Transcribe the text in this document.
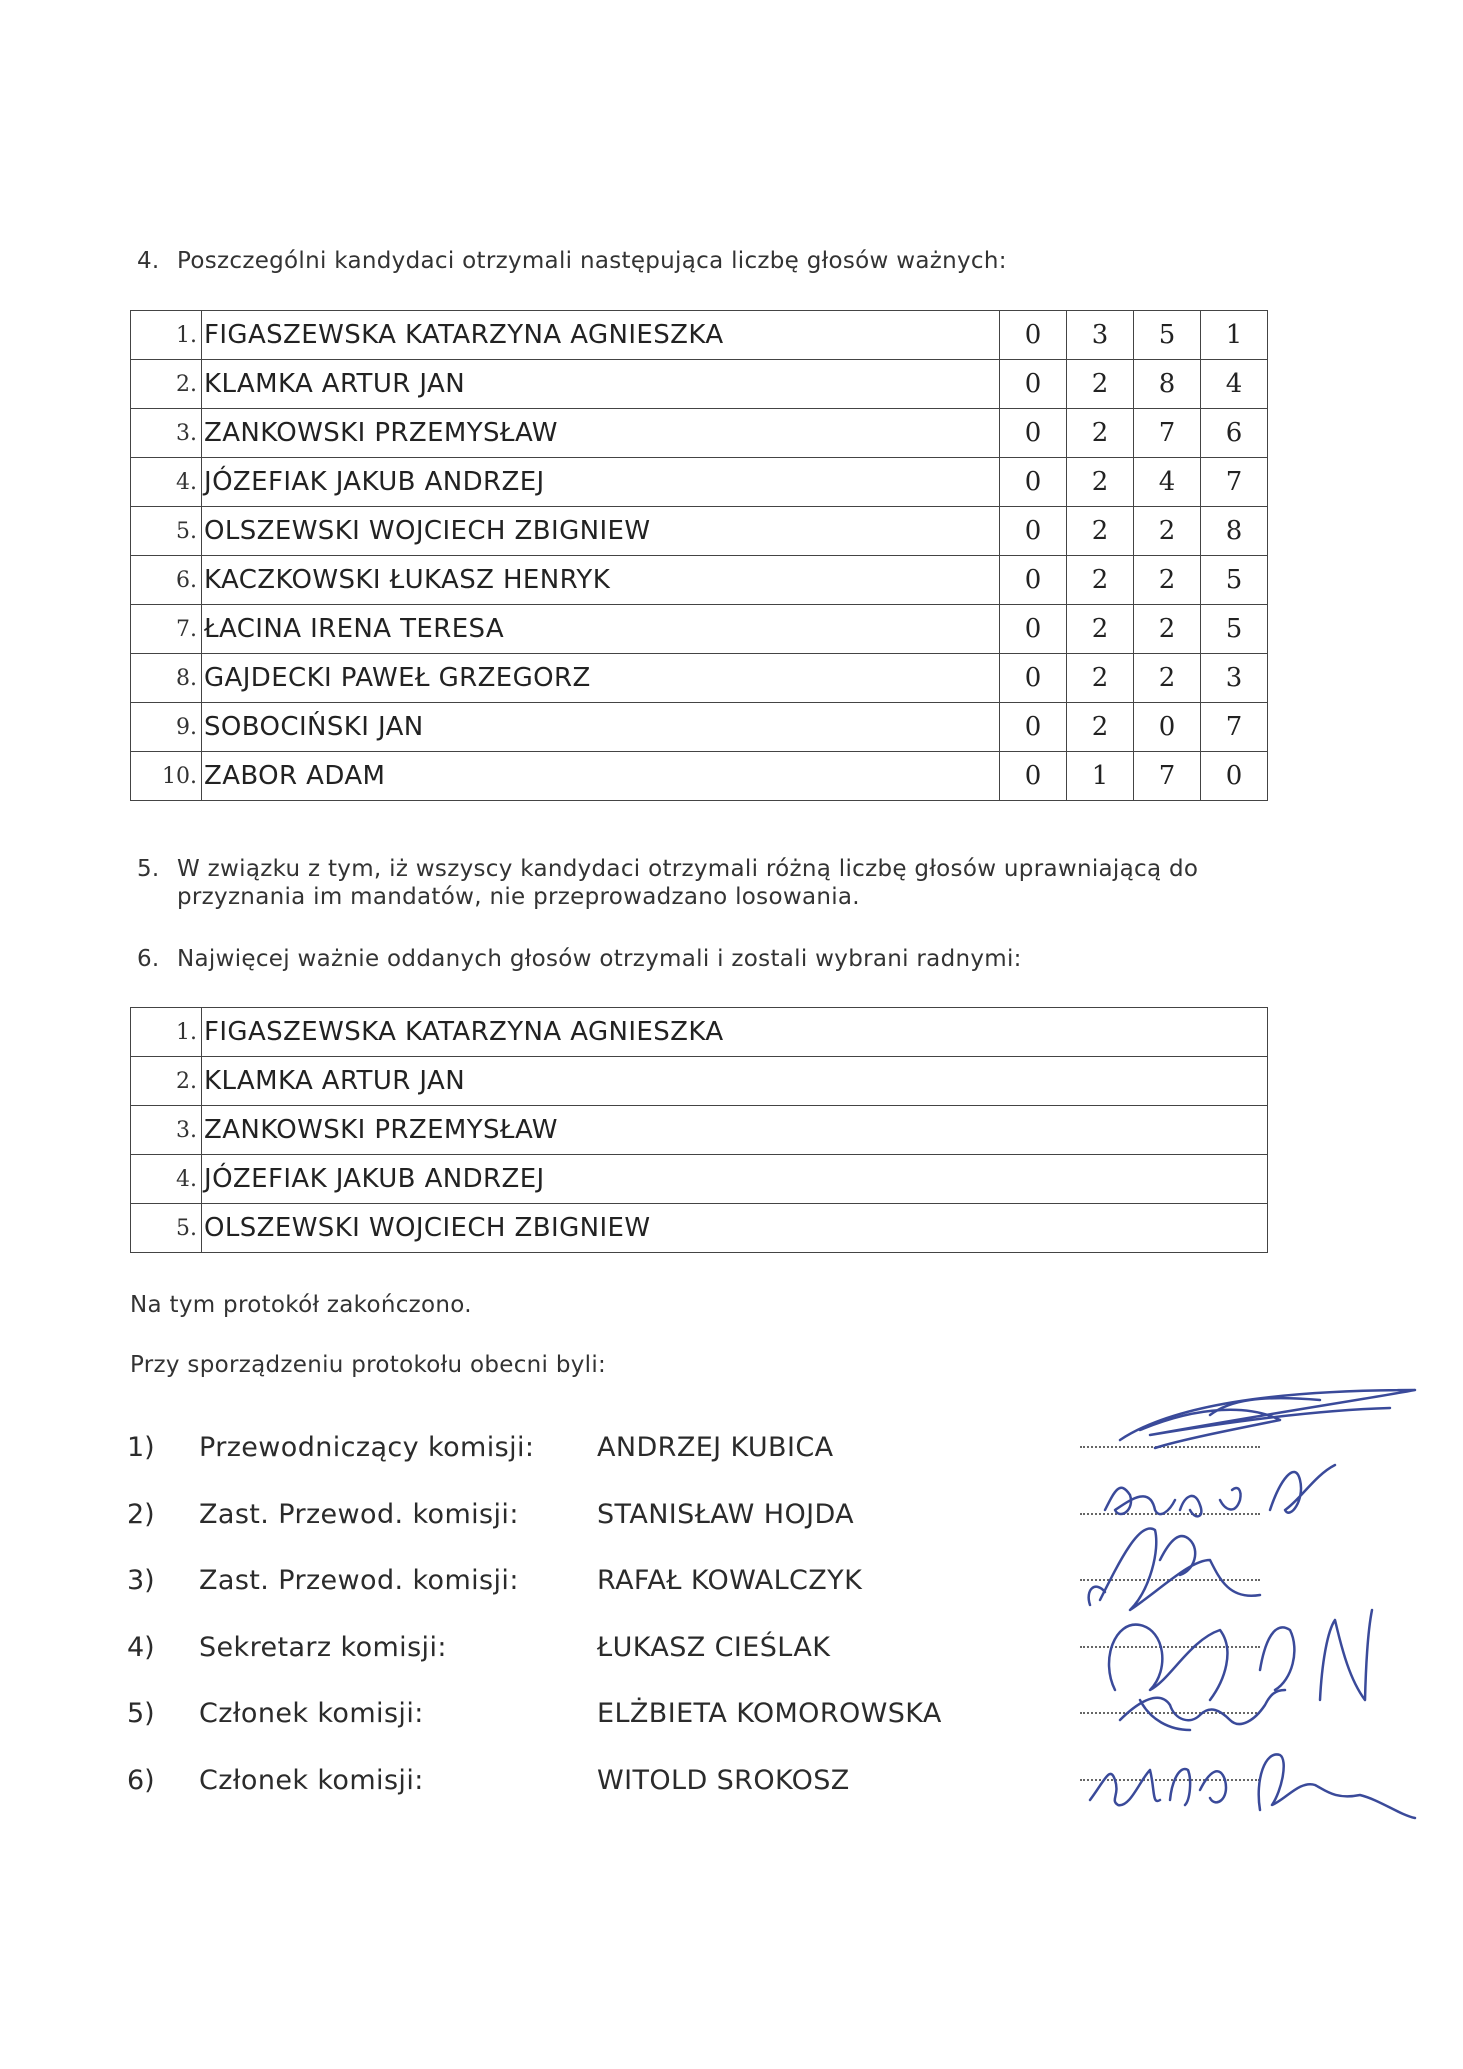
4. Poszczególni kandydaci otrzymali następująca liczbę głosów ważnych:
1.	FIGASZEWSKA KATARZYNA AGNIESZKA	0	3	5	1
2.	KLAMKA ARTUR JAN	0	2	8	4
3.	ZANKOWSKI PRZEMYSŁAW	0	2	7	6
4.	JÓZEFIAK JAKUB ANDRZEJ	0	2	4	7
5.	OLSZEWSKI WOJCIECH ZBIGNIEW	0	2	2	8
6.	KACZKOWSKI ŁUKASZ HENRYK	0	2	2	5
7.	ŁACINA IRENA TERESA	0	2	2	5
8.	GAJDECKI PAWEŁ GRZEGORZ	0	2	2	3
9.	SOBOCIŃSKI JAN	0	2	0	7
10.	ZABOR ADAM	0	1	7	0
5. W związku z tym, iż wszyscy kandydaci otrzymali różną liczbę głosów uprawniającą do
przyznania im mandatów, nie przeprowadzano losowania.
6. Najwięcej ważnie oddanych głosów otrzymali i zostali wybrani radnymi:
1.	FIGASZEWSKA KATARZYNA AGNIESZKA
2.	KLAMKA ARTUR JAN
3.	ZANKOWSKI PRZEMYSŁAW
4.	JÓZEFIAK JAKUB ANDRZEJ
5.	OLSZEWSKI WOJCIECH ZBIGNIEW
Na tym protokół zakończono.
Przy sporządzeniu protokołu obecni byli:
1) Przewodniczący komisji: ANDRZEJ KUBICA
2) Zast. Przewod. komisji:	STANISŁAW HOJDA
3) Zast. Przewod. komisji:	RAFAŁ KOWALCZYK
4) Sekretarz komisji:	ŁUKASZ CIEŚLAK
5) Członek komisji:	ELŻBIETA KOMOROWSKA
6) Członek komisji:	WITOLD SROKOSZ
